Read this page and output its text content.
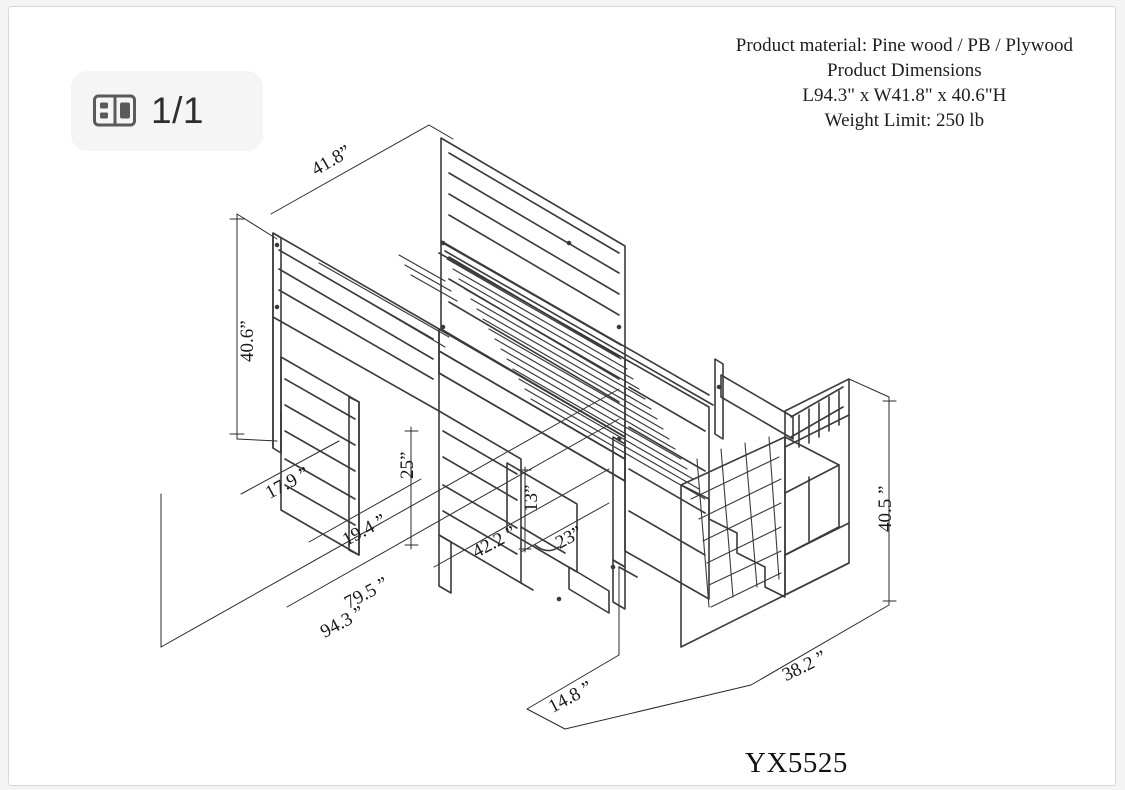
Product material: Pine wood / PB / Plywood
Product Dimensions
L94.3" x W41.8" x 40.6"H
Weight Limit: 250 lb
1/1
YX5525
41.8”
40.6”
17.9 ”	25”
19.4 ”
79.5 ”
94.3 ”
42.2 ” 23”
13”
14.8 ”
38.2 ”
40.5 ”
